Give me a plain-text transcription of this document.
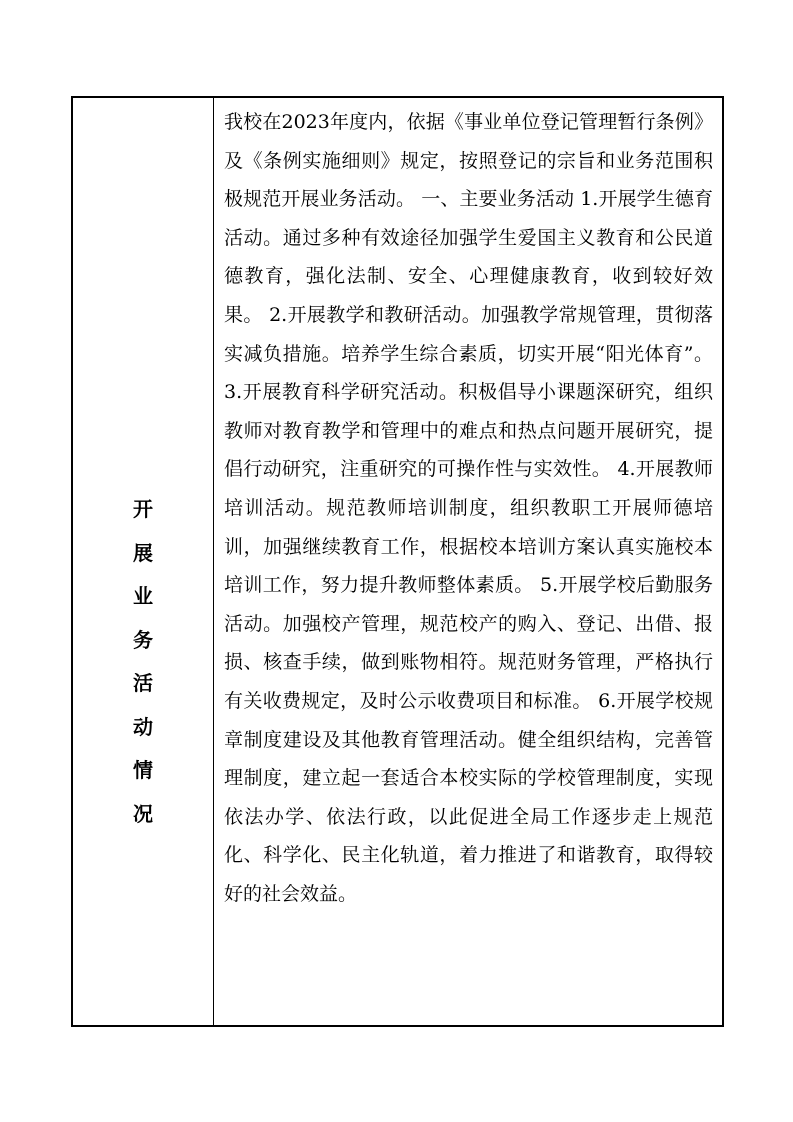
开
展
业
务
活
动
情
况

我校在2023年度内，依据《事业单位登记管理暂行条例》及《条例实施细则》规定，按照登记的宗旨和业务范围积极规范开展业务活动。 一、主要业务活动 1.开展学生德育活动。通过多种有效途径加强学生爱国主义教育和公民道德教育，强化法制、安全、心理健康教育，收到较好效果。 2.开展教学和教研活动。加强教学常规管理，贯彻落实减负措施。培养学生综合素质，切实开展“阳光体育”。 3.开展教育科学研究活动。积极倡导小课题深研究，组织教师对教育教学和管理中的难点和热点问题开展研究，提倡行动研究，注重研究的可操作性与实效性。 4.开展教师培训活动。规范教师培训制度，组织教职工开展师德培训，加强继续教育工作，根据校本培训方案认真实施校本培训工作，努力提升教师整体素质。 5.开展学校后勤服务活动。加强校产管理，规范校产的购入、登记、出借、报损、核查手续，做到账物相符。规范财务管理，严格执行有关收费规定，及时公示收费项目和标准。 6.开展学校规章制度建设及其他教育管理活动。健全组织结构，完善管理制度，建立起一套适合本校实际的学校管理制度，实现依法办学、依法行政，以此促进全局工作逐步走上规范化、科学化、民主化轨道，着力推进了和谐教育，取得较好的社会效益。
